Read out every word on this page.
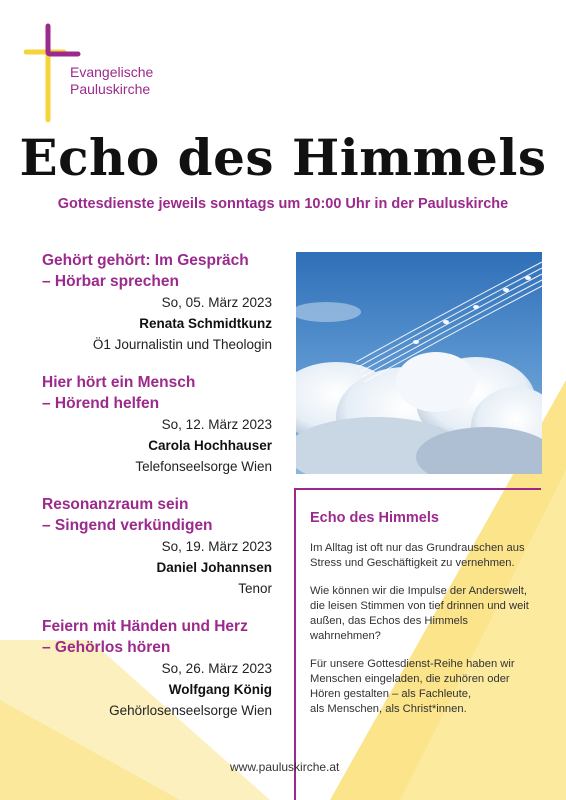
Evangelische
Pauluskirche
Echo des Himmels
Gottesdienste jeweils sonntags um 10:00 Uhr in der Pauluskirche
Gehört gehört: Im Gespräch
– Hörbar sprechen
So, 05. März 2023
Renata Schmidtkunz
Ö1 Journalistin und Theologin
Hier hört ein Mensch
– Hörend helfen
So, 12. März 2023
Carola Hochhauser
Telefonseelsorge Wien
Resonanzraum sein
– Singend verkündigen
So, 19. März 2023
Daniel Johannsen
Tenor
Feiern mit Händen und Herz
– Gehörlos hören
So, 26. März 2023
Wolfgang König
Gehörlosenseelsorge Wien
Echo des Himmels

Im Alltag ist oft nur das Grundrauschen aus
Stress und Geschäftigkeit zu vernehmen.

Wie können wir die Impulse der Anderswelt,
die leisen Stimmen von tief drinnen und weit
außen, das Echos des Himmels wahrnehmen?

Für unsere Gottesdienst-Reihe haben wir
Menschen eingeladen, die zuhören oder
Hören gestalten – als Fachleute,
als Menschen, als Christ*innen.

www.pauluskirche.at
